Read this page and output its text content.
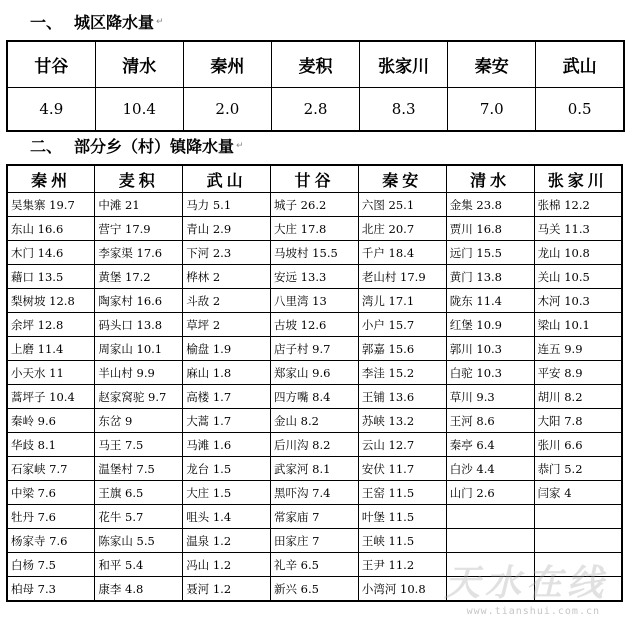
一、 城区降水量 ↵
甘谷	清水	秦州	麦积	张家川	秦安	武山
4.9	10.4	2.0	2.8	8.3	7.0	0.5
二、 部分乡（村）镇降水量 ↵
秦州	麦积	武山	甘谷	秦安	清水	张家川
吴集寨 19.7	中滩 21	马力 5.1	城子 26.2	六图 25.1	金集 23.8	张棉 12.2
东山 16.6	营宁 17.9	青山 2.9	大庄 17.8	北庄 20.7	贾川 16.8	马关 11.3
木门 14.6	李家渠 17.6	下河 2.3	马坡村 15.5	千户 18.4	远门 15.5	龙山 10.8
藉口 13.5	黄堡 17.2	桦林 2	安远 13.3	老山村 17.9	黄门 13.8	关山 10.5
梨树坡 12.8	陶家村 16.6	斗敌 2	八里湾 13	湾儿 17.1	陇东 11.4	木河 10.3
余坪 12.8	码头口 13.8	草坪 2	古坡 12.6	小户 15.7	红堡 10.9	梁山 10.1
上磨 11.4	周家山 10.1	榆盘 1.9	店子村 9.7	郭嘉 15.6	郭川 10.3	连五 9.9
小天水 11	半山村 9.9	麻山 1.8	郑家山 9.6	李洼 15.2	白驼 10.3	平安 8.9
蒿坪子 10.4	赵家窝驼 9.7	高楼 1.7	四方嘴 8.4	王铺 13.6	草川 9.3	胡川 8.2
秦岭 9.6	东岔 9	大蒿 1.7	金山 8.2	苏峡 13.2	王河 8.6	大阳 7.8
华歧 8.1	马王 7.5	马滩 1.6	后川沟 8.2	云山 12.7	秦亭 6.4	张川 6.6
石家峡 7.7	温堡村 7.5	龙台 1.5	武家河 8.1	安伏 11.7	白沙 4.4	恭门 5.2
中梁 7.6	王旗 6.5	大庄 1.5	黑吓沟 7.4	王窑 11.5	山门 2.6	闫家 4
牡丹 7.6	花牛 5.7	咀头 1.4	常家庙 7	叶堡 11.5		
杨家寺 7.6	陈家山 5.5	温泉 1.2	田家庄 7	王峡 11.5		
白杨 7.5	和平 5.4	冯山 1.2	礼辛 6.5	王尹 11.2		
柏母 7.3	康李 4.8	聂河 1.2	新兴 6.5	小湾河 10.8		天水在线
www.tianshui.com.cn
